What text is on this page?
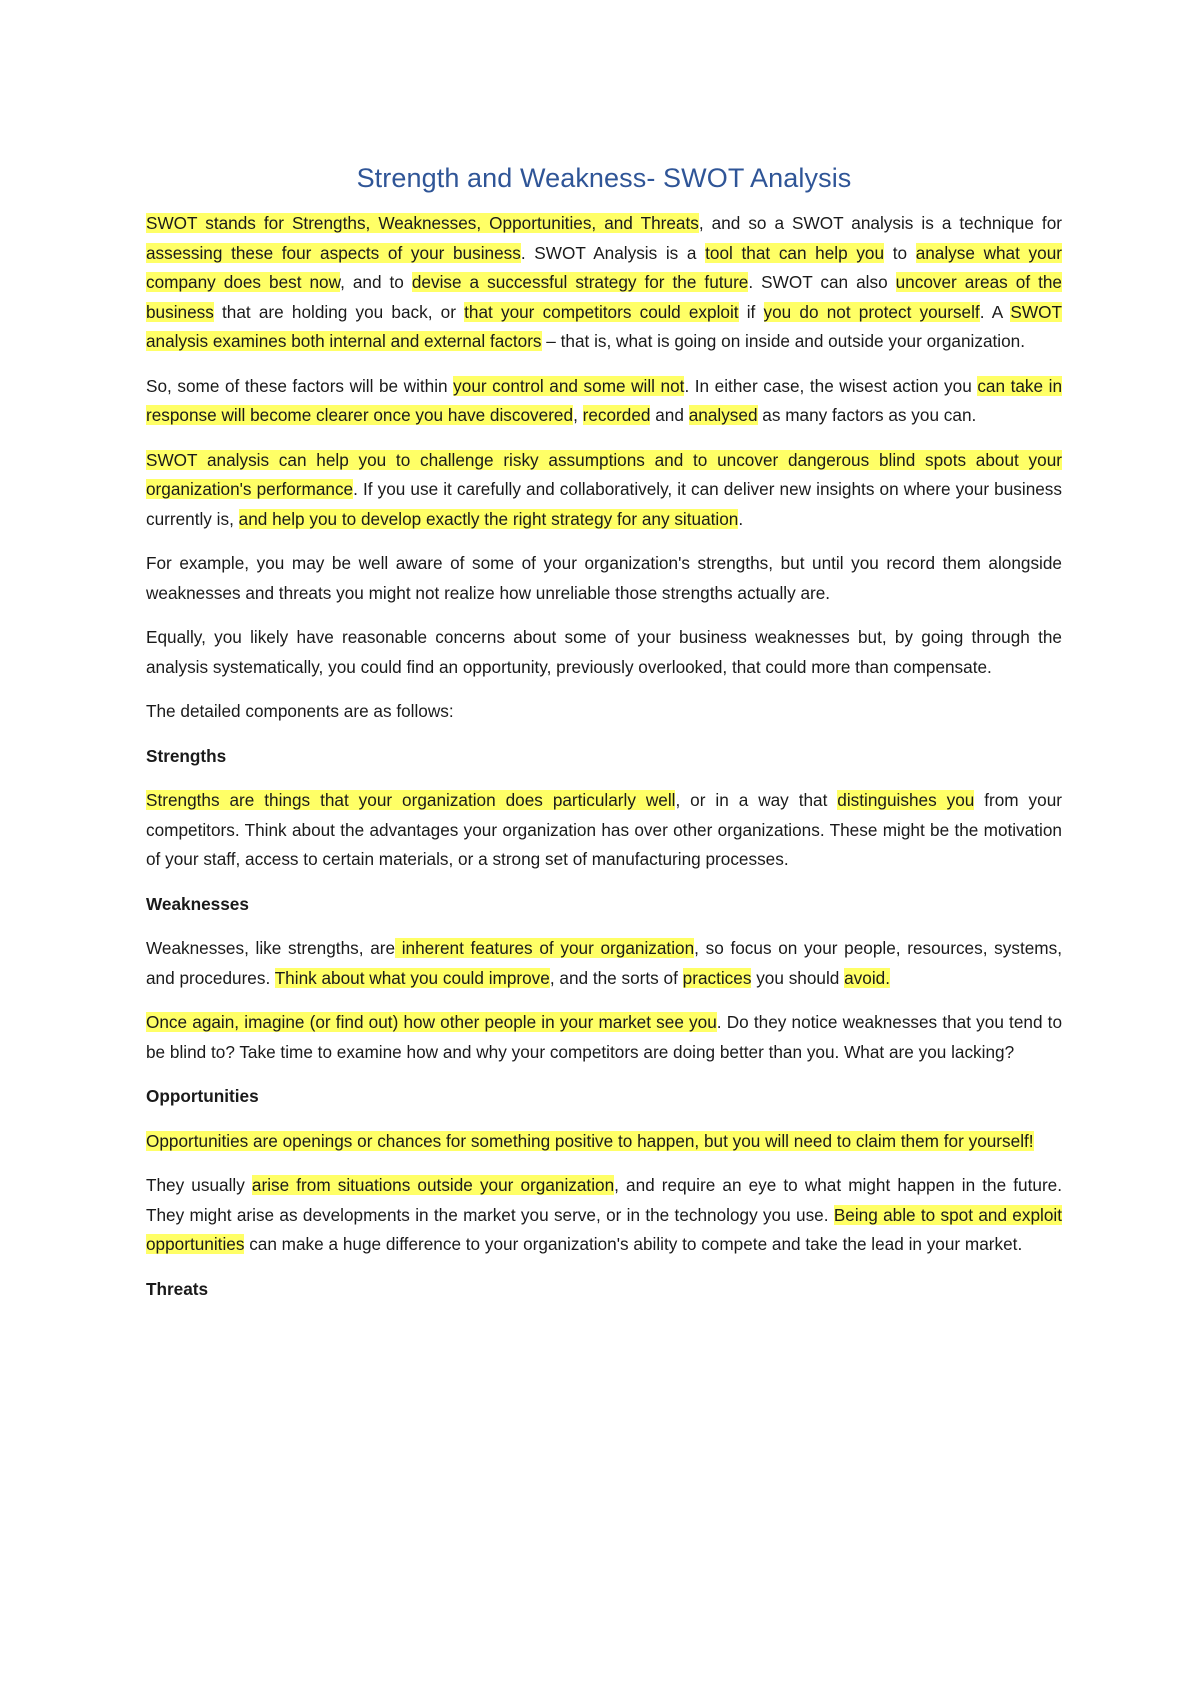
Strength and Weakness- SWOT Analysis

SWOT stands for Strengths, Weaknesses, Opportunities, and Threats, and so a SWOT analysis is a technique for assessing these four aspects of your business. SWOT Analysis is a tool that can help you to analyse what your company does best now, and to devise a successful strategy for the future. SWOT can also uncover areas of the business that are holding you back, or that your competitors could exploit if you do not protect yourself. A SWOT analysis examines both internal and external factors – that is, what is going on inside and outside your organization.

So, some of these factors will be within your control and some will not. In either case, the wisest action you can take in response will become clearer once you have discovered, recorded and analysed as many factors as you can.

SWOT analysis can help you to challenge risky assumptions and to uncover dangerous blind spots about your organization's performance. If you use it carefully and collaboratively, it can deliver new insights on where your business currently is, and help you to develop exactly the right strategy for any situation.

For example, you may be well aware of some of your organization's strengths, but until you record them alongside weaknesses and threats you might not realize how unreliable those strengths actually are.

Equally, you likely have reasonable concerns about some of your business weaknesses but, by going through the analysis systematically, you could find an opportunity, previously overlooked, that could more than compensate.

The detailed components are as follows:

Strengths

Strengths are things that your organization does particularly well, or in a way that distinguishes you from your competitors. Think about the advantages your organization has over other organizations. These might be the motivation of your staff, access to certain materials, or a strong set of manufacturing processes.

Weaknesses

Weaknesses, like strengths, are inherent features of your organization, so focus on your people, resources, systems, and procedures. Think about what you could improve, and the sorts of practices you should avoid.

Once again, imagine (or find out) how other people in your market see you. Do they notice weaknesses that you tend to be blind to? Take time to examine how and why your competitors are doing better than you. What are you lacking?

Opportunities

Opportunities are openings or chances for something positive to happen, but you will need to claim them for yourself!

They usually arise from situations outside your organization, and require an eye to what might happen in the future. They might arise as developments in the market you serve, or in the technology you use. Being able to spot and exploit opportunities can make a huge difference to your organization's ability to compete and take the lead in your market.

Threats
